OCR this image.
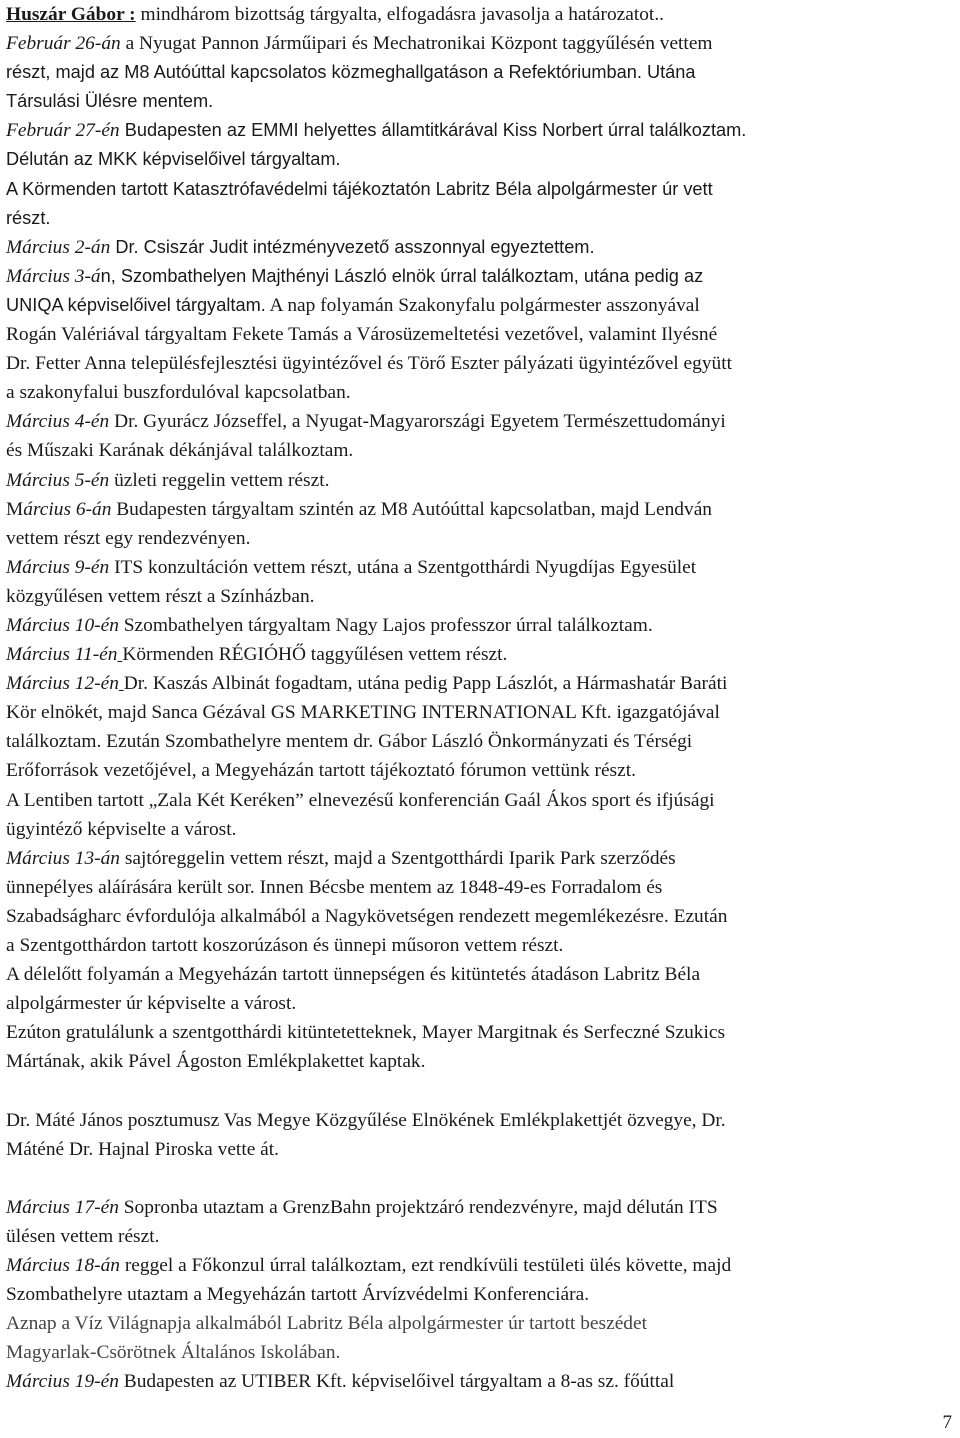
Huszár Gábor : mindhárom bizottság tárgyalta, elfogadásra javasolja a határozatot..
Február 26-án a Nyugat Pannon Járműipari és Mechatronikai Központ taggyűlésén vettem
részt, majd az M8 Autóúttal kapcsolatos közmeghallgatáson a Refektóriumban. Utána
Társulási Ülésre mentem.
Február 27-én Budapesten az EMMI helyettes államtitkárával Kiss Norbert úrral találkoztam.
Délután az MKK képviselőivel tárgyaltam.
A Körmenden tartott Katasztrófavédelmi tájékoztatón Labritz Béla alpolgármester úr vett
részt.
Március 2-án Dr. Csiszár Judit intézményvezető asszonnyal egyeztettem.
Március 3-án, Szombathelyen Majthényi László elnök úrral találkoztam, utána pedig az
UNIQA képviselőivel tárgyaltam. A nap folyamán Szakonyfalu polgármester asszonyával
Rogán Valériával tárgyaltam Fekete Tamás a Városüzemeltetési vezetővel, valamint Ilyésné
Dr. Fetter Anna településfejlesztési ügyintézővel és Törő Eszter pályázati ügyintézővel együtt
a szakonyfalui buszfordulóval kapcsolatban.
Március 4-én Dr. Gyurácz Józseffel, a Nyugat-Magyarországi Egyetem Természettudományi
és Műszaki Karának dékánjával találkoztam.
Március 5-én üzleti reggelin vettem részt.
Március 6-án Budapesten tárgyaltam szintén az M8 Autóúttal kapcsolatban, majd Lendván
vettem részt egy rendezvényen.
Március 9-én ITS konzultáción vettem részt, utána a Szentgotthárdi Nyugdíjas Egyesület
közgyűlésen vettem részt a Színházban.
Március 10-én Szombathelyen tárgyaltam Nagy Lajos professzor úrral találkoztam.
Március 11-én Körmenden RÉGIÓHŐ taggyűlésen vettem részt.
Március 12-én Dr. Kaszás Albinát fogadtam, utána pedig Papp Lászlót, a Hármashatár Baráti
Kör elnökét, majd Sanca Gézával GS MARKETING INTERNATIONAL Kft. igazgatójával
találkoztam. Ezután Szombathelyre mentem dr. Gábor László Önkormányzati és Térségi
Erőforrások vezetőjével, a Megyeházán tartott tájékoztató fórumon vettünk részt.
A Lentiben tartott „Zala Két Keréken” elnevezésű konferencián Gaál Ákos sport és ifjúsági
ügyintéző képviselte a várost.
Március 13-án sajtóreggelin vettem részt, majd a Szentgotthárdi Iparik Park szerződés
ünnepélyes aláírására került sor. Innen Bécsbe mentem az 1848-49-es Forradalom és
Szabadságharc évfordulója alkalmából a Nagykövetségen rendezett megemlékezésre. Ezután
a Szentgotthárdon tartott koszorúzáson és ünnepi műsoron vettem részt.
A délelőtt folyamán a Megyeházán tartott ünnepségen és kitüntetés átadáson Labritz Béla
alpolgármester úr képviselte a várost.
Ezúton gratulálunk a szentgotthárdi kitüntetetteknek, Mayer Margitnak és Serfeczné Szukics
Mártának, akik Pável Ágoston Emlékplakettet kaptak.
Dr. Máté János posztumusz Vas Megye Közgyűlése Elnökének Emlékplakettjét özvegye, Dr.
Máténé Dr. Hajnal Piroska vette át.
Március 17-én Sopronba utaztam a GrenzBahn projektzáró rendezvényre, majd délután ITS
ülésen vettem részt.
Március 18-án reggel a Főkonzul úrral találkoztam, ezt rendkívüli testületi ülés követte, majd
Szombathelyre utaztam a Megyeházán tartott Árvízvédelmi Konferenciára.
Aznap a Víz Világnapja alkalmából Labritz Béla alpolgármester úr tartott beszédet
Magyarlak-Csörötnek Általános Iskolában.
Március 19-én Budapesten az UTIBER Kft. képviselőivel tárgyaltam a 8-as sz. főúttal
7
